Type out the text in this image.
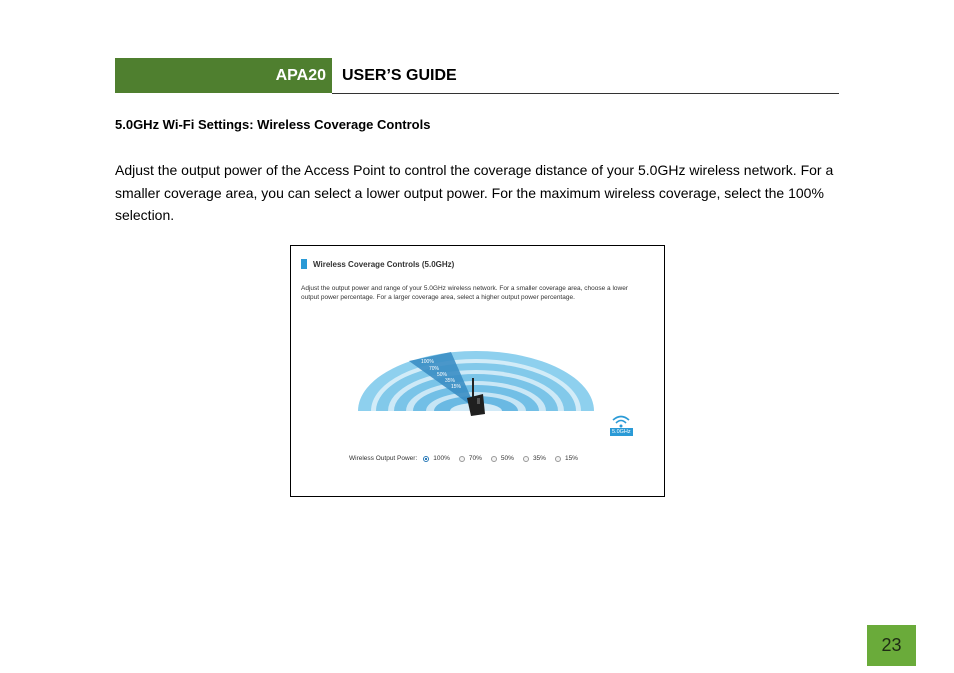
APA20	USER’S GUIDE
5.0GHz Wi-Fi Settings: Wireless Coverage Controls
Adjust the output power of the Access Point to control the coverage distance of your 5.0GHz wireless network. For a smaller coverage area, you can select a lower output power. For the maximum wireless coverage, select the 100% selection.
Wireless Coverage Controls (5.0GHz)
Adjust the output power and range of your 5.0GHz wireless network. For a smaller coverage area, choose a lower output power percentage. For a larger coverage area, select a higher output power percentage.
100%
70%
50%
35%
15%
5.0GHz
Wireless Output Power: 100%	70%	50%	35%	15%
23
